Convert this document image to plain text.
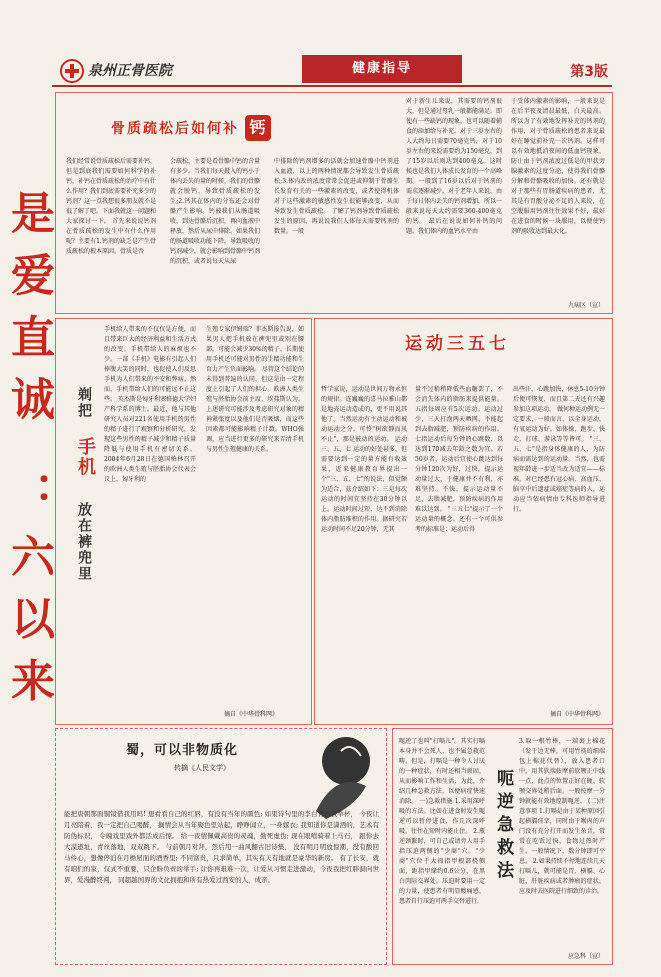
泉州正骨医院	健康指导	第3版
是爱直诚 ：六以来
骨质疏松后如何补 钙
我们经常说骨质疏松后需要补钙，但是到底我们需要如何科学的补钙，补钙在骨质疏松的治疗中有什么作用？我们到底需要补充多少的钙剂？这一点我想很多朋友就不是很了解了吧。下面我就这一问题和大家探讨一下。 首先来说说钙剂在骨质疏松的发生中有什么作用呢？主要有1.钙剂的缺乏是产生骨质疏松的根本原因。骨质是否
会疏松，主要是看骨骼中钙的含量有多少。当我们每天摄入的钙小于体内丢失的量的时候，我们的骨骼就会脱钙，导致骨质疏松的发生;2.钙其在体内的分布还会对骨骼产生影响。钙被我们从肠道吸收，到达骨骼后沉积，再向血液中释放，然后从尿中排除。如果我们的肠道吸收功能下降，导致吸收的钙剂减少，就会影响到骨骼中钙剂的沉积，或者说每天从尿
中排除的钙剂增多的话就会加速骨骼中钙剂进入血液，以上的两种情况都会导致发生骨质疏松;3.体内改的浓度常常会促进或抑制于骨骼生长发育有关的一些激素的改变，或者使得机体对于这些激素的敏感性发生很能够改变，从而导致发生骨质疏松。 了解了钙剂导致骨质疏松发生的原因，再说说我们人体每天需要钙剂的数量。一般
对于新生儿来说，其需要的钙剂很大，但是通过母乳一般都能满足。即使有一些缺钙的现象，也可以随着辅食的添加给与补充。对于三岁左右的人大约每日需要70毫克钙，对于10岁左右的来说需要约为150毫克，到了15岁以后则达到400毫克。这时候也是我们人体成长发育的一个高峰期。一般到了16岁以后对于钙剂的需求逐渐减少。对于老年人来说，由于每日体内丢失的钙剂增加，所以一般来说每天大约需要360-400毫克的钙。 最后在说说如何补钙的问题。我们体内的血钙水平由
于受体内激素的影响，一般来说是在后半夜及清晨最低，白天最高。所以为了有效地发挥补充的钙剂的作用，对于骨质疏松的患者来说最好在睡觉前补充一次钙剂。这样可以有效地抵消夜间的低血钙现象，防止由于钙剂浓度过低是的甲状旁腺激素的过度分泌，使得我们骨骼分解和骨骼吸收的加快。还有就是对于那些有胃肠道疾病的患者，尤其是有胃酸分泌不足的人来说，在空腹服用钙剂往往效果不好，最好在进食的时候一块服用，以便使钙剂的吸收达到最大化。
九病区（宣）
剃把
手机
放在裤兜里
手机给人带来的不仅仅是方便，而且带来巨大的经济利益和生活方式的改变。手机带给人的麻烦也不少。一部《手机》电影有引起人们捧腹大笑的同时，也促使人们反思手机为人们带来的不安和弊病。然而，手机带给人们的可能远不止这些。 英杰斯是匈牙利塞格德大学妇产科学系的博士。最近，他与其他研究人员对221名使用手机的男性的精子进行了观察和分析研究，发现这些男性的精子减少和精子质量降低与使用手机有密切关系。2004年6月28日在德国柏林召开的欧洲人类生殖与胚胎协会代表会议上，匈牙利的
生殖专家伊姆瑞？菲杰斯报告说，如果男人把手机放在裤兜里或别在腰部，可能会减少30%的精子。长期使用手机还可能对男性的生精功能和生育力产生负面影响。 尽管这个结论尚未得到普遍的认同，但这是由一定程度上引起了人们的担心。欧洲人类生殖与胚胎协会前主席、埃弗斯认为，上述研究可能涉及考虑研究对象的精神紧张度以及他们是否吸烟，而这些因素都可能影响精子计数。WHO强调，应当进行更多的研究来弄清手机与男性生殖健康的关系。
摘自《中华骨科网》
运动三五七
哲学家说，运动是世间万物永恒的规律。连巍巍的喜马拉雅山都是地壳运动造成的，更不用说其他了。当然运动有主动运动和被动运动之分。可怜"树欲静而风不止"，那是被动的运动。 运动三、五、七 运动的好处甚多，但需要达到一定的量方能有收效果，近来健康教育界提出一个"三、五、七"的说法，似觉颇为适合，兹介绍如下：三是每次运动的时间宜坚持在30分钟以上。运动时间过短，达不到消除体内脂肪堆积的作用。据研究若运动时间不足20分钟，无其
量不过稍稍降低些血糖罢了，不会消失体内的脂肪来提供能量。 五指每周应有5次运动。运动过少，三天打渔两天晒网，不能起到去脂减肥，预防疾病的作用。 七指运动后每分钟的心跳数，以达到170减去年龄之数为宜。若50岁者，运动后宜使心跳达到每分钟120次为好，过快，提示运动量过大，于健康并不有利，亦难坚持。不快，提示运动量不足，去脂减肥，预防疾病的作用难以达到。 "三五七"提示了一个运动量的概念。还有一个可供参考的标准是：运动后得
出些汗，心跳加快，休息5-10分钟后便可恢复，而且第二天还有兴趣参加这项运动。 做何种运动例无一定要求，一般而言，以全身运动，有氧运动为好。如体操、跑步、快走、打球、游泳等等皆可。 "三、五、七"是指身体健康的人，为防病而需达到的运动量。当然，也需视年龄进一步适当改为适宜——标准。对已经患有冠心病、高血压、脑卒中后遗症或癌症等病的人，运动应当依病情由专科医师指导进行。
摘自《中华骨科网》
蜀，可以非物质化
转摘《人民文学》
能把唐朝那面铜镜借我用吗! 想看看自己的红唇，有没有当年的颜色; 如果诗句里的李白青衫我举杯， 今夜让月亮陪着，我一定把自己喝醉， 搁情会从当年娶色里站起，睁睁闻立，一身嫁衣; 我知道你是潇洒的，艺术有防伪标识， 令魄戏里戏外都活成后惊。 给一夜情佩戴高贵的灵魂，勤死虚伪; 现在眼噎骑着上马石， 跟你去大漠遨址，青丝落地，双双跳下。 与前朝月对拜，然后用一曲风翻古旧诗集， 没有明月明放惊潮，没有酸回马伶心，想像停泊在月檐屋面的酒香里; 不同富贵，只求简单，其实有天有地就是豪华的新房。 有了长安，就有咱们的家，仅式不重要，只企盼负责的举手; 让你再艰难一次，让爱从习惯走进激动，今夜我把红胖洞向世界，爱漫醉终判， 同超越国界的文化拥抱和所有热爱过西安的人，成亲。
呃逆了也叫"打嗝儿"。其实打嗝本身并不会死人，也不属急救范畴。但是，打嗝是一种令人讨厌的一种症状，有时还相当顽固，从而影响工作和生活，为此，介绍几种急救方法，以便病症快速消除。 一)急救措施 1.采用深呼吸的方法。比如在进食时发生呃逆可以暂停进食，作几次深呼吸，往往在短时内能止住。 2.瓶逆颈繁时，可自己或请旁人用手指压迫两侧的"少商"穴。"少商"穴位于大拇指甲根部桡侧面，距指甲缘约0.6公分，在黑白肉际交界处。压迫时要用一定的力量，使患者有明显酸痛感，患者自行压迫可两手交替进行。
呃逆急救法
3.取一根竹棒，一端裹上棉花（发于边无棒，可用竹筷的细端包上棉花代替），放入患者口中，用其软端按摩前软颚正中线一点，此点的位置正好在硬、软颚交界处稍后面。一般按摩一分钟就能有效地控制呃逆。 (二)注意事项 1.打嗝是由于某种原因引起横膈痉挛，同时由于喉内的声门没有充分打开而发生杂音，常常在吃饭过快、食物过热时产生。一般情况下，数分钟即可平息。 2.如果持续不停地连续几天打嗝儿，就可能是胃、横膈、心脏、肝脏疾病或者肿瘤的症状，应及时去医院进行细致的诊治。
应急科（宣）
